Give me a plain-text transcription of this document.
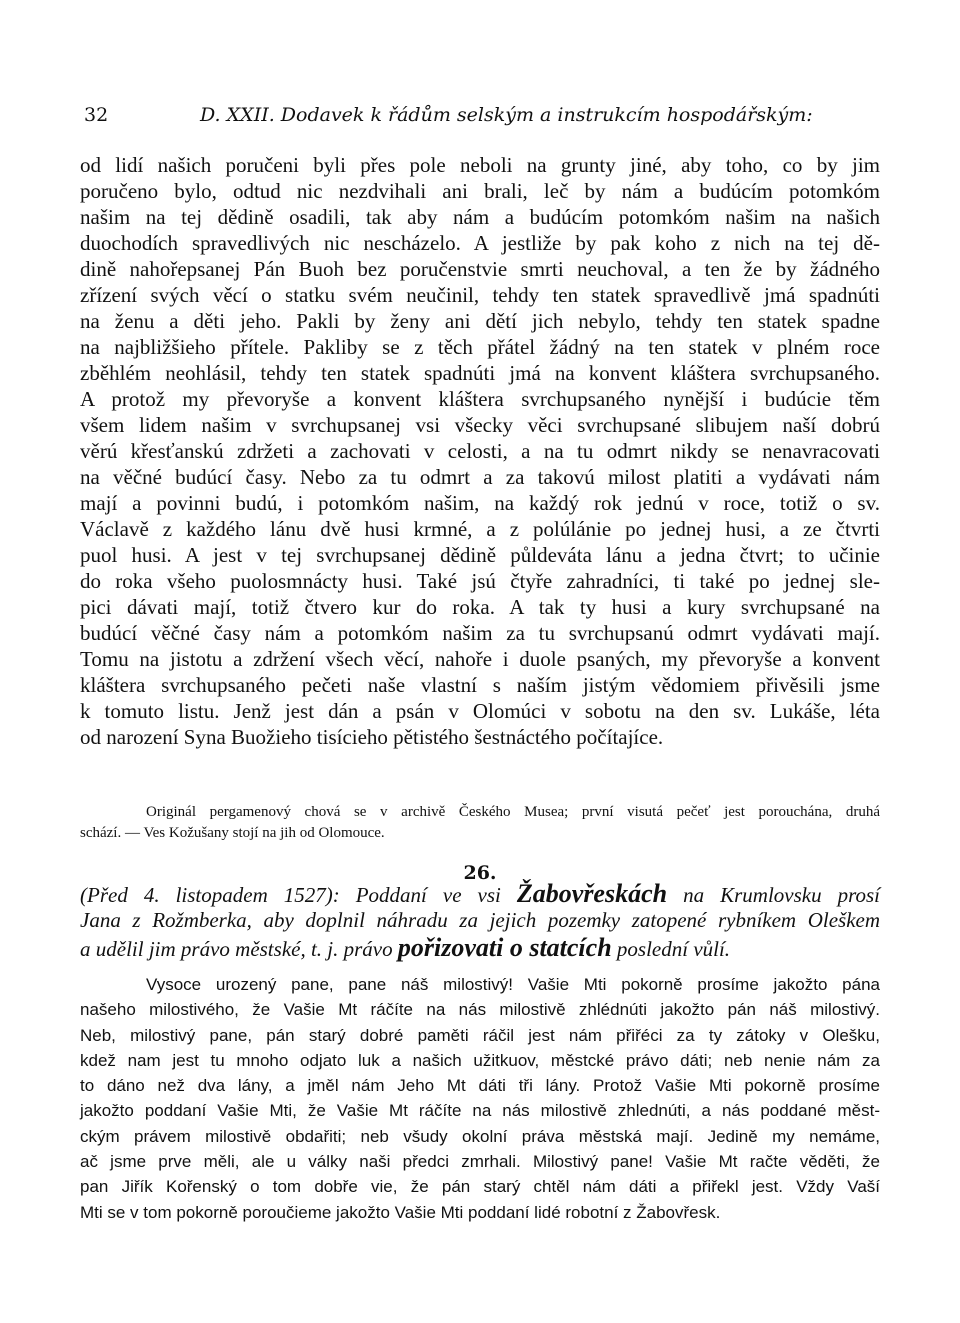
32	D. XXII. Dodavek k řádům selským a instrukcím hospodářským:
od lidí našich poručeni byli přes pole neboli na grunty jiné, aby toho, co by jim
poručeno bylo, odtud nic nezdvihali ani brali, leč by nám a budúcím potomkóm
našim na tej dědině osadili, tak aby nám a budúcím potomkóm našim na našich
duochodích spravedlivých nic nescházelo. A jestliže by pak koho z nich na tej dě-
dině nahořepsanej Pán Buoh bez poručenstvie smrti neuchoval, a ten že by žádného
zřízení svých věcí o statku svém neučinil, tehdy ten statek spravedlivě jmá spadnúti
na ženu a děti jeho. Pakli by ženy ani dětí jich nebylo, tehdy ten statek spadne
na najbližšieho přítele. Pakliby se z těch přátel žádný na ten statek v plném roce
zběhlém neohlásil, tehdy ten statek spadnúti jmá na konvent kláštera svrchupsaného.
A protož my převoryše a konvent kláštera svrchupsaného nynější i budúcie těm
všem lidem našim v svrchupsanej vsi všecky věci svrchupsané slibujem naší dobrú
věrú křesťanskú zdržeti a zachovati v celosti, a na tu odmrt nikdy se nenavracovati
na věčné budúcí časy. Nebo za tu odmrt a za takovú milost platiti a vydávati nám
mají a povinni budú, i potomkóm našim, na každý rok jednú v roce, totiž o sv.
Václavě z každého lánu dvě husi krmné, a z polúlánie po jednej husi, a ze čtvrti
puol husi. A jest v tej svrchupsanej dědině půldeváta lánu a jedna čtvrt; to učinie
do roka všeho puolosmnácty husi. Také jsú čtyře zahradníci, ti také po jednej sle-
pici dávati mají, totiž čtvero kur do roka. A tak ty husi a kury svrchupsané na
budúcí věčné časy nám a potomkóm našim za tu svrchupsanú odmrt vydávati mají.
Tomu na jistotu a zdržení všech věcí, nahoře i duole psaných, my převoryše a konvent
kláštera svrchupsaného pečeti naše vlastní s naším jistým vědomiem přivěsili jsme
k tomuto listu. Jenž jest dán a psán v Olomúci v sobotu na den sv. Lukáše, léta
od narození Syna Buožieho tisícieho pětistého šestnáctého počítajíce.
Originál pergamenový chová se v archivě Českého Musea; první visutá pečeť jest porouchána, druhá
schází. — Ves Kožušany stojí na jih od Olomouce.
26.
(Před 4. listopadem 1527): Poddaní ve vsi Žabovřeskách na Krumlovsku prosí
Jana z Rožmberka, aby doplnil náhradu za jejich pozemky zatopené rybníkem Oleškem
a udělil jim právo městské, t. j. právo pořizovati o statcích poslední vůlí.
Vysoce urozený pane, pane náš milostivý! Vašie Mti pokorně prosíme jakožto pána
našeho milostivého, že Vašie Mt ráčíte na nás milostivě zhlédnúti jakožto pán náš milostivý.
Neb, milostivý pane, pán starý dobré paměti ráčil jest nám přiřéci za ty zátoky v Olešku,
kdež nam jest tu mnoho odjato luk a našich užitkuov, městcké právo dáti; neb nenie nám za
to dáno než dva lány, a jměl nám Jeho Mt dáti tři lány. Protož Vašie Mti pokorně prosíme
jakožto poddaní Vašie Mti, že Vašie Mt ráčíte na nás milostivě zhlednúti, a nás poddané měst-
ckým právem milostivě obdařiti; neb všudy okolní práva městská mají. Jedině my nemáme,
ač jsme prve měli, ale u války naši předci zmrhali. Milostivý pane! Vašie Mt račte věděti, že
pan Jiřík Kořenský o tom dobře vie, že pán starý chtěl nám dáti a přiřekl jest. Vždy Vaší
Mti se v tom pokorně poroučieme jakožto Vašie Mti poddaní lidé robotní z Žabovřesk.
